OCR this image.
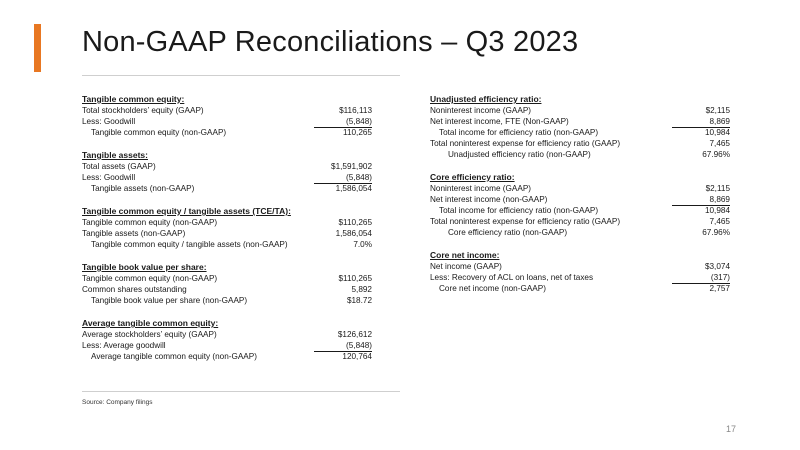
Non-GAAP Reconciliations – Q3 2023
Tangible common equity:
Total stockholders’ equity (GAAP)	$116,113
Less: Goodwill	(5,848)
Tangible common equity (non-GAAP)	110,265
Tangible assets:
Total assets (GAAP)	$1,591,902
Less: Goodwill	(5,848)
Tangible assets (non-GAAP)	1,586,054
Tangible common equity / tangible assets (TCE/TA):
Tangible common equity (non-GAAP)	$110,265
Tangible assets (non-GAAP)	1,586,054
Tangible common equity / tangible assets (non-GAAP)	7.0%
Tangible book value per share:
Tangible common equity (non-GAAP)	$110,265
Common shares outstanding	5,892
Tangible book value per share (non-GAAP)	$18.72
Average tangible common equity:
Average stockholders’ equity (GAAP)	$126,612
Less: Average goodwill	(5,848)
Average tangible common equity (non-GAAP)	120,764
Unadjusted efficiency ratio:
Noninterest income (GAAP)	$2,115
Net interest income, FTE (Non-GAAP)	8,869
Total income for efficiency ratio (non-GAAP)	10,984
Total noninterest expense for efficiency ratio (GAAP)	7,465
Unadjusted efficiency ratio (non-GAAP)	67.96%
Core efficiency ratio:
Noninterest income (GAAP)	$2,115
Net interest income (non-GAAP)	8,869
Total income for efficiency ratio (non-GAAP)	10,984
Total noninterest expense for efficiency ratio (GAAP)	7,465
Core efficiency ratio (non-GAAP)	67.96%
Core net income:
Net income (GAAP)	$3,074
Less: Recovery of ACL on loans, net of taxes	(317)
Core net income (non-GAAP)	2,757
Source: Company filings
17
